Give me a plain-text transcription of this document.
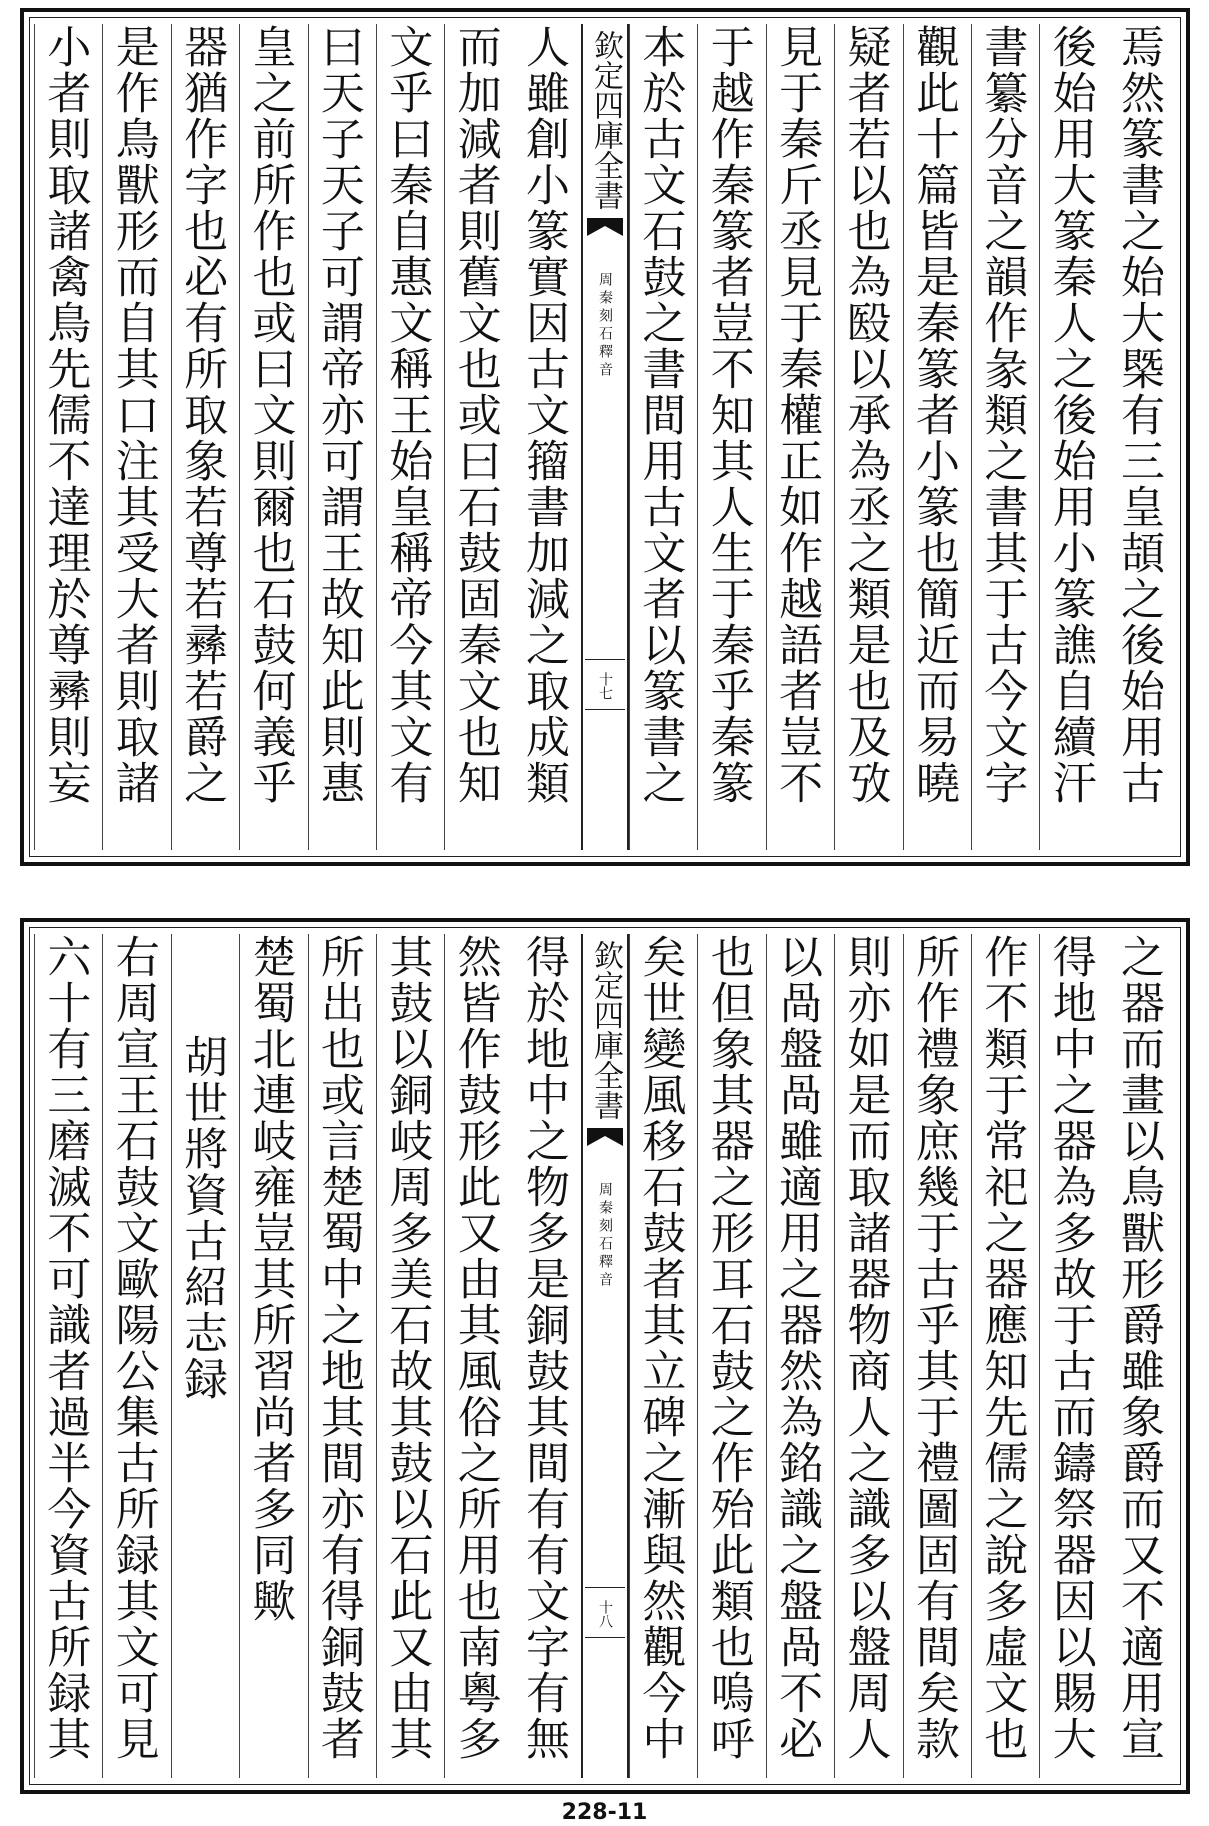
焉然篆書之始大槩有三皇頡之後始用古
後始用大篆秦人之後始用小篆譙自續汗
書纂分音之韻作彖類之書其于古今文字
觀此十篇皆是秦篆者小篆也簡近而易曉
疑者若以也為殹以承為丞之類是也及攷
見于秦斤丞見于秦權正如作越語者豈不
于越作秦篆者豈不知其人生于秦乎秦篆
本於古文石鼓之書間用古文者以篆書之
欽定四庫全書
周秦刻石釋音
十七
人雖創小篆實因古文籀書加減之取成類
而加減者則舊文也或曰石鼓固秦文也知
文乎曰秦自惠文稱王始皇稱帝今其文有
曰天子天子可謂帝亦可謂王故知此則惠
皇之前所作也或曰文則爾也石鼓何義乎
器猶作字也必有所取象若尊若彞若爵之
是作鳥獸形而自其口注其受大者則取諸
小者則取諸禽鳥先儒不達理於尊彞則妄
之器而畫以鳥獸形爵雖象爵而又不適用宣
得地中之器為多故于古而鑄祭器因以賜大
作不類于常祀之器應知先儒之說多虛文也
所作禮象庶幾于古乎其于禮圖固有間矣款
則亦如是而取諸器物商人之識多以盤周人
以咼盤咼雖適用之器然為銘識之盤咼不必
也但象其器之形耳石鼓之作殆此類也嗚呼
矣世變風移石鼓者其立碑之漸與然觀今中
欽定四庫全書
周秦刻石釋音
十八
得於地中之物多是銅鼓其間有有文字有無
然皆作鼓形此又由其風俗之所用也南粵多
其鼓以銅岐周多美石故其鼓以石此又由其
所出也或言楚蜀中之地其間亦有得銅鼓者
楚蜀北連岐雍豈其所習尚者多同歟
胡世將資古紹志録
右周宣王石鼓文歐陽公集古所録其文可見
六十有三磨滅不可識者過半今資古所録其
228-11
